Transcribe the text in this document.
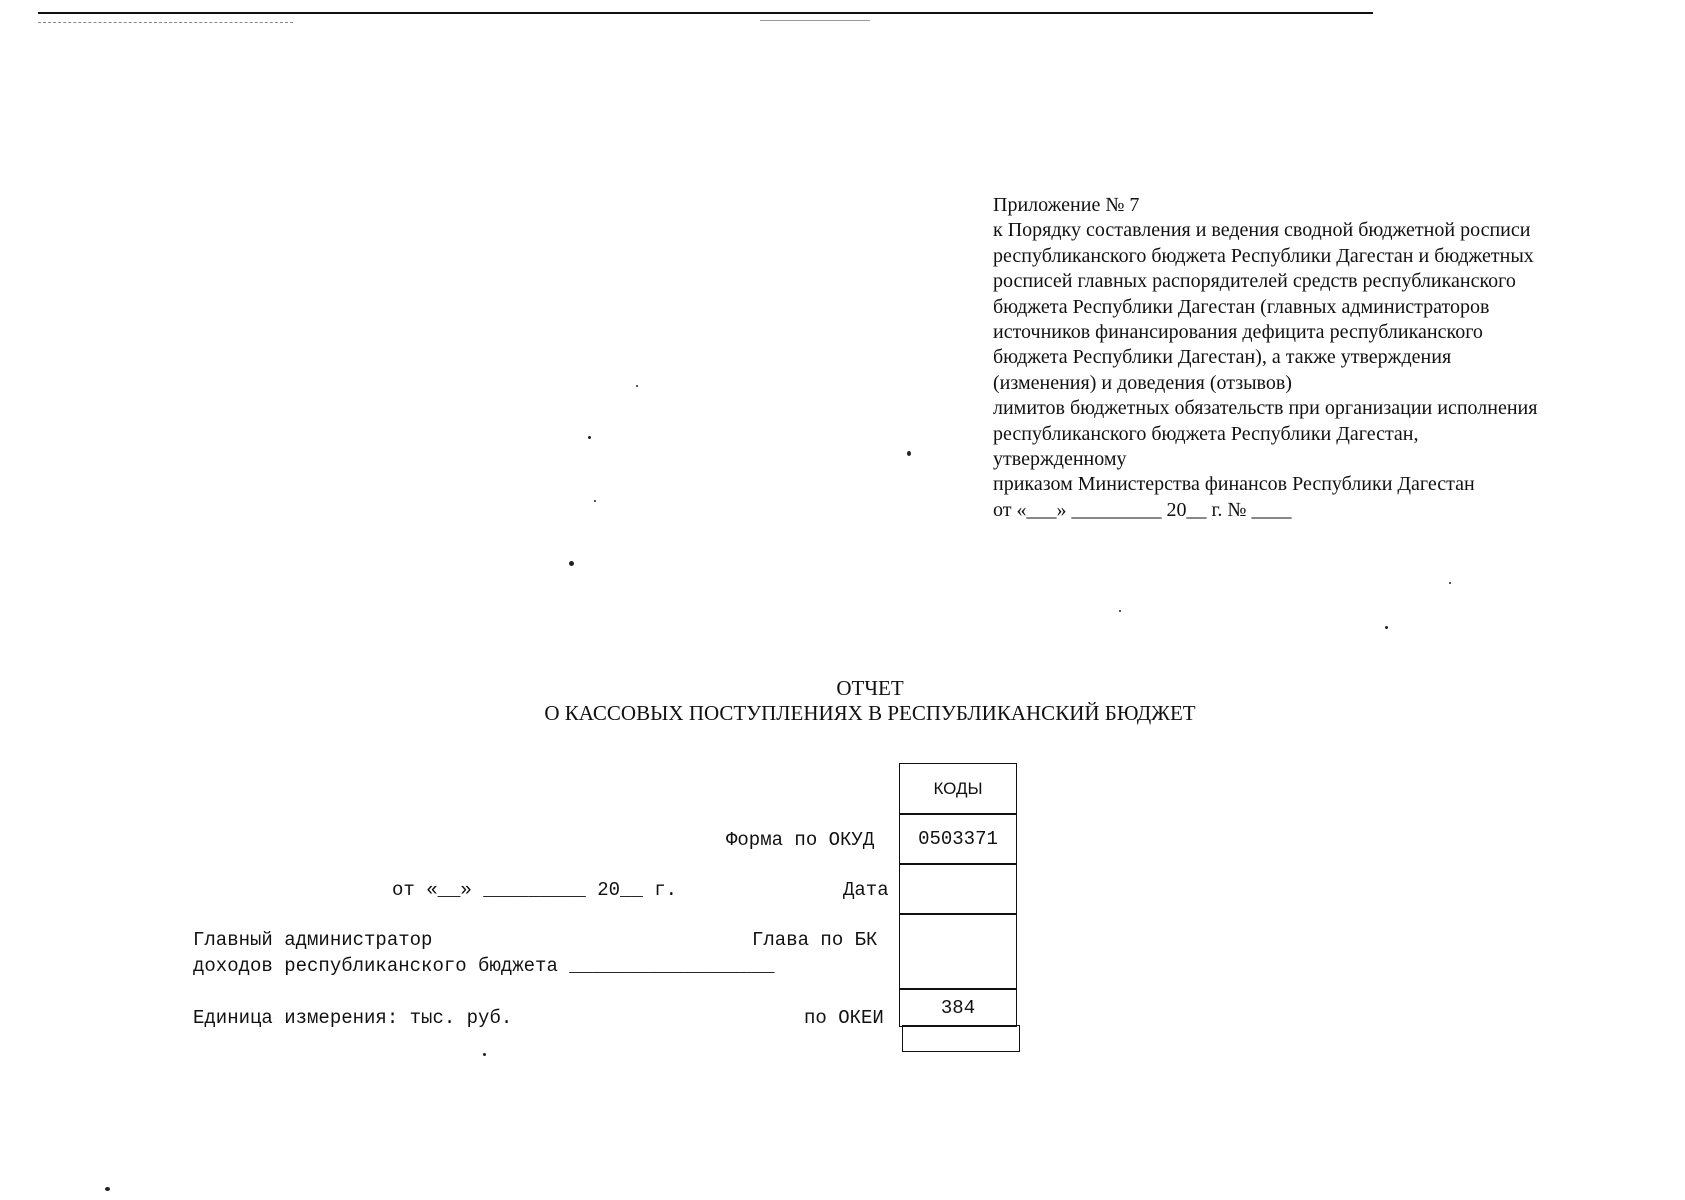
Приложение № 7
к Порядку составления и ведения сводной бюджетной росписи
республиканского бюджета Республики Дагестан и бюджетных
росписей главных распорядителей средств республиканского
бюджета Республики Дагестан (главных администраторов
источников финансирования дефицита республиканского
бюджета Республики Дагестан), а также утверждения
(изменения) и доведения (отзывов)
лимитов бюджетных обязательств при организации исполнения
республиканского бюджета Республики Дагестан,
утвержденному
приказом Министерства финансов Республики Дагестан
от «___» _________ 20__ г. № ____
ОТЧЕТ
О КАССОВЫХ ПОСТУПЛЕНИЯХ В РЕСПУБЛИКАНСКИЙ БЮДЖЕТ
Форма по ОКУД
от «__» _________ 20__ г.	Дата
Главный администратор
доходов республиканского бюджета __________________
Глава по БК
Единица измерения: тыс. руб.	по ОКЕИ
КОДЫ
0503371
384
